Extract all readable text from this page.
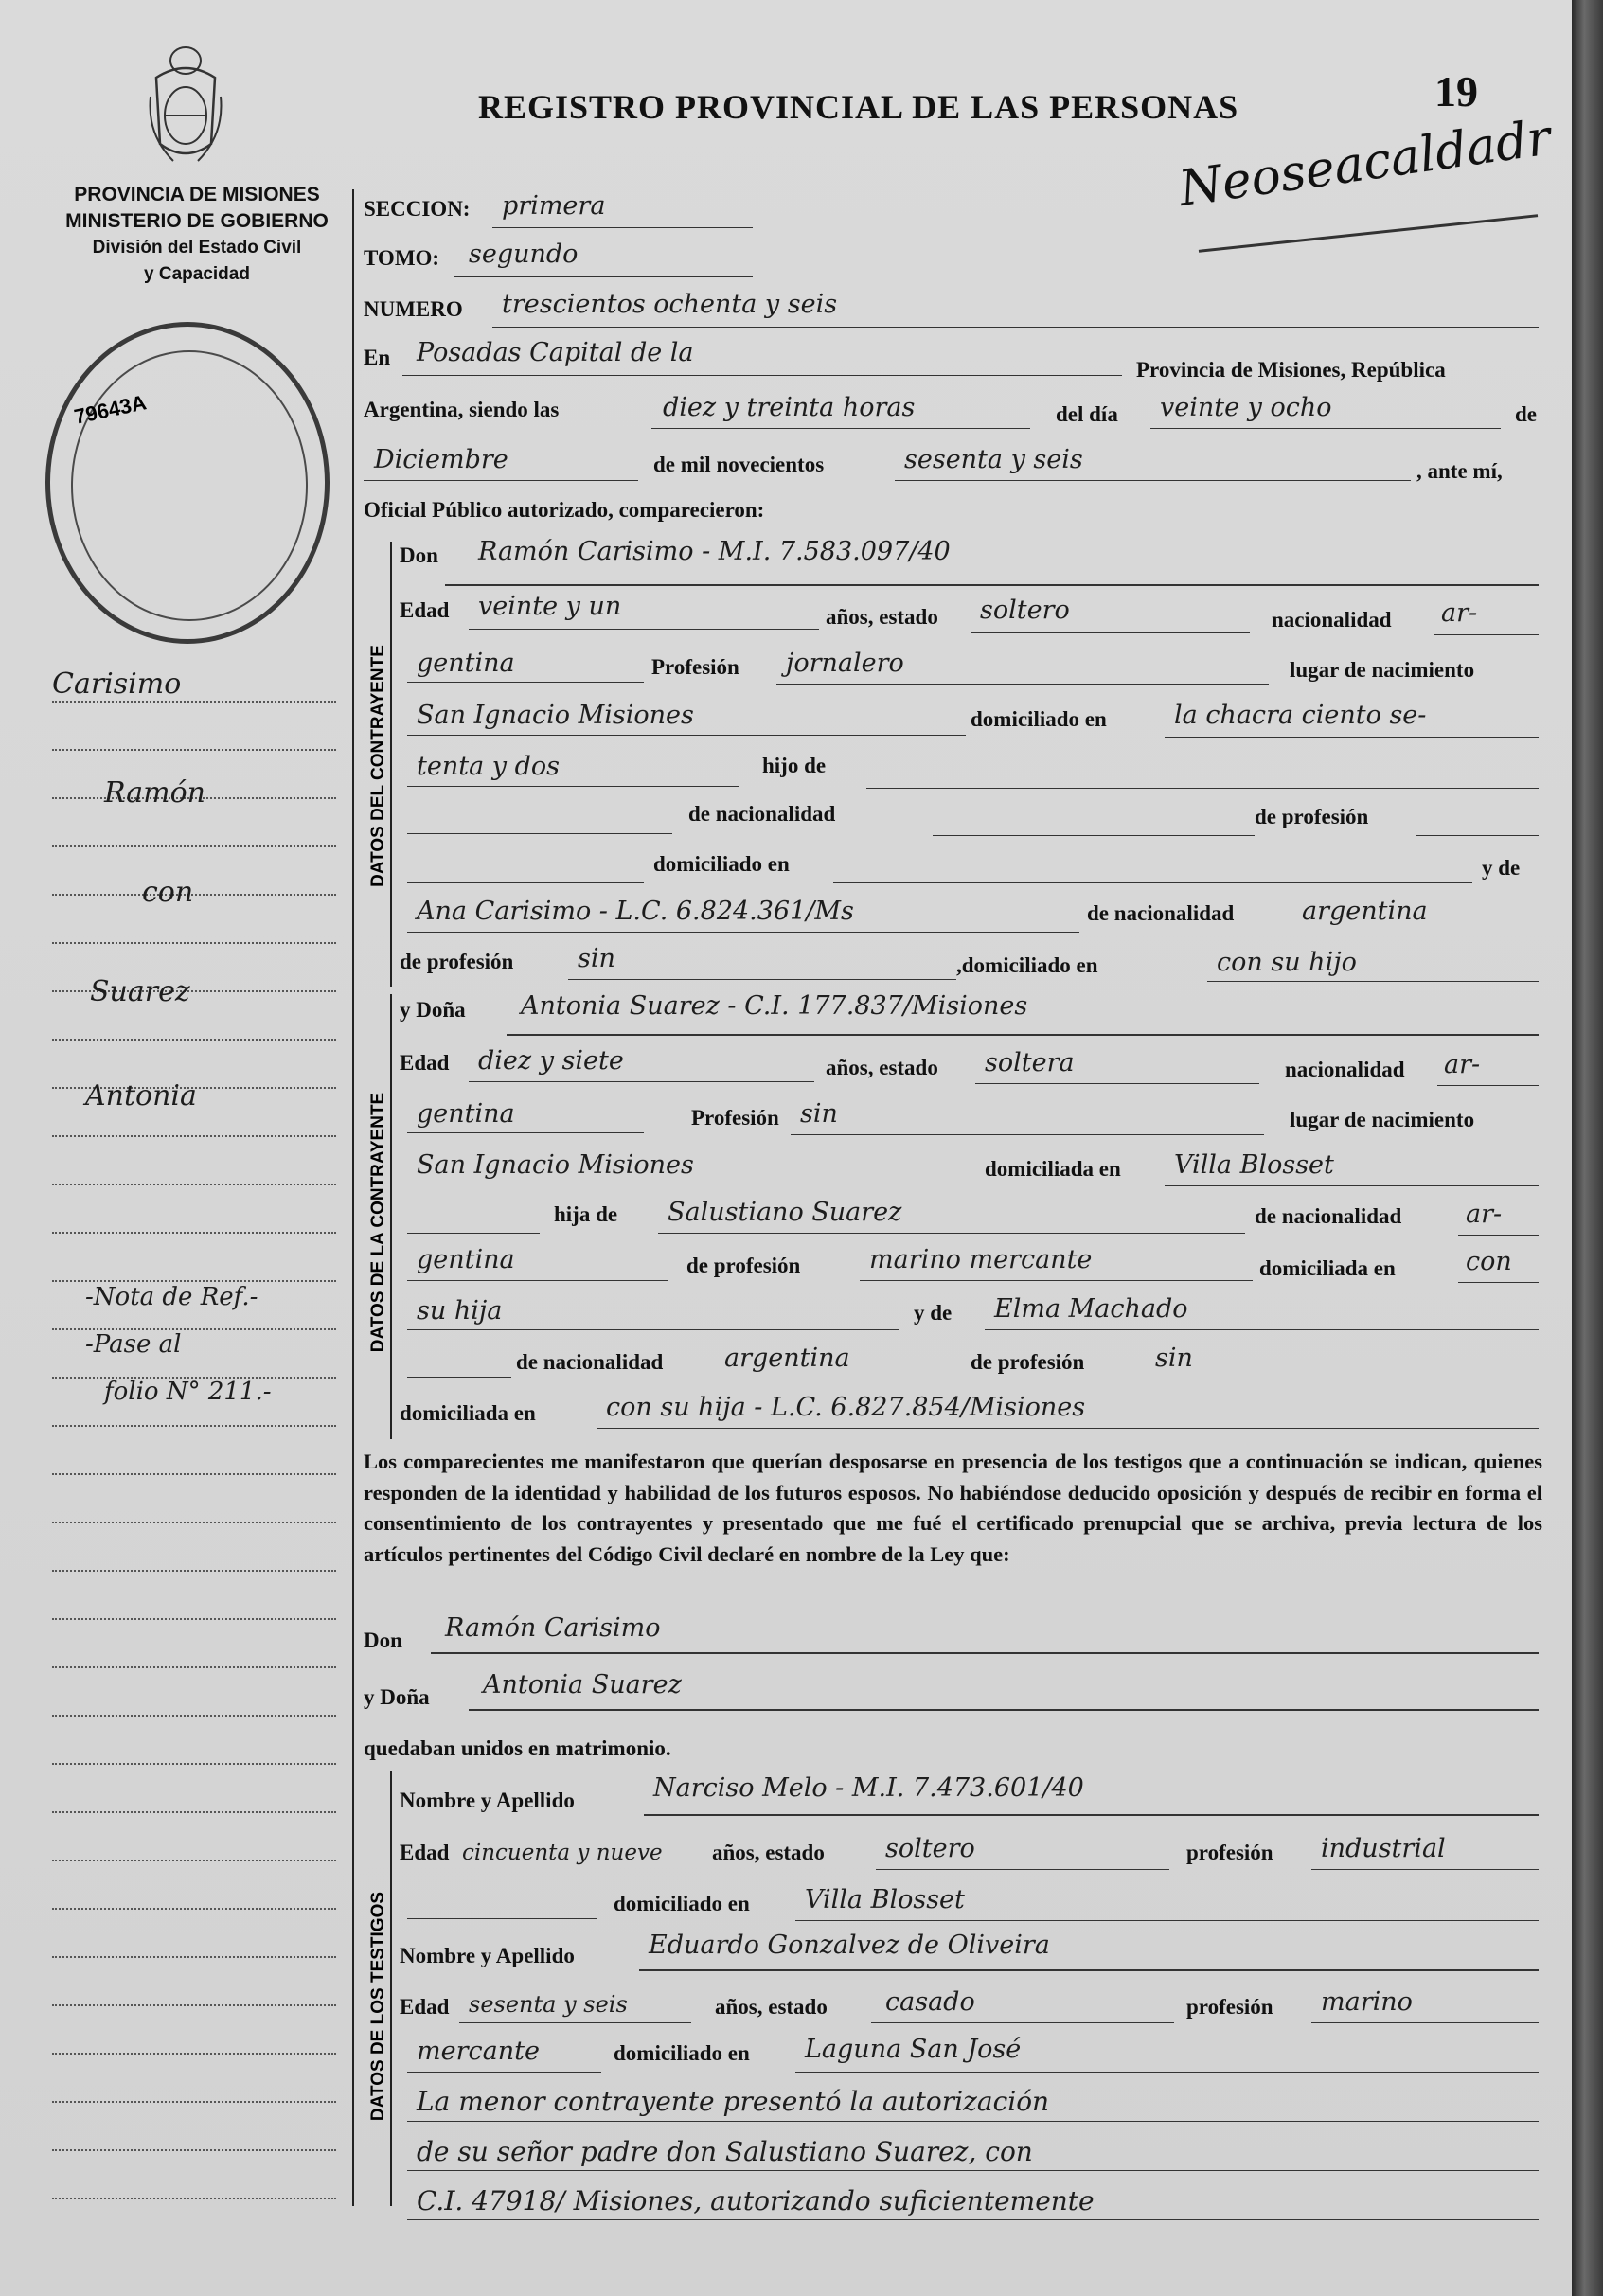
REGISTRO PROVINCIAL DE LAS PERSONAS	19
Neoseacaldadr
PROVINCIA DE MISIONES
MINISTERIO DE GOBIERNO
División del Estado Civil
y Capacidad
79643A
Carisimo
Ramón
con
Suarez
Antonia
-Nota de Ref.-
-Pase al
folio N° 211.-
SECCION: primera
TOMO: segundo
NUMERO trescientos ochenta y seis
En Posadas Capital de la
Provincia de Misiones, República
Argentina, siendo las	diez y treinta horas	del día veinte y ocho	de
Diciembre	de mil novecientos	sesenta y seis	, ante mí,
Oficial Público autorizado, comparecieron:
DATOS DEL CONTRAYENTE
Don Ramón Carisimo - M.I. 7.583.097/40
Edad veinte y un	años, estado soltero	nacionalidad ar-
gentina	Profesión jornalero	lugar de nacimiento
San Ignacio Misiones	domiciliado en	la chacra ciento se-
tenta y dos	hijo de
de nacionalidad	de profesión
domiciliado en	y de
Ana Carisimo - L.C. 6.824.361/Ms	de nacionalidad	argentina
de profesión	sin	,domiciliado en	con su hijo
DATOS DE LA CONTRAYENTE
y Doña Antonia Suarez - C.I. 177.837/Misiones
Edad diez y siete	años, estado soltera	nacionalidad ar-
gentina	Profesión sin	lugar de nacimiento
San Ignacio Misiones	domiciliada en Villa Blosset
hija de Salustiano Suarez	de nacionalidad	ar-
gentina	de profesión	marino mercante	domiciliada en	con
su hija	y de Elma Machado
de nacionalidad argentina	de profesión	sin
domiciliada en	con su hija - L.C. 6.827.854/Misiones
Los comparecientes me manifestaron que querían desposarse en presencia de los testigos que a continuación se indican, quienes responden de la identidad y habilidad de los futuros esposos. No habiéndose deducido oposición y después de recibir en forma el consentimiento de los contrayentes y presentado que me fué el certificado prenupcial que se archiva, previa lectura de los artículos pertinentes del Código Civil declaré en nombre de la Ley que:
Don Ramón Carisimo
y Doña Antonia Suarez
quedaban unidos en matrimonio.
DATOS DE LOS TESTIGOS
Nombre y Apellido	Narciso Melo - M.I. 7.473.601/40
Edad cincuenta y nueve años, estado soltero	profesión industrial
domiciliado en Villa Blosset
Nombre y Apellido	Eduardo Gonzalvez de Oliveira
Edad sesenta y seis	años, estado casado	profesión marino
mercante	domiciliado en Laguna San José
La menor contrayente presentó la autorización
de su señor padre don Salustiano Suarez, con
C.I. 47918/ Misiones, autorizando suficientemente
